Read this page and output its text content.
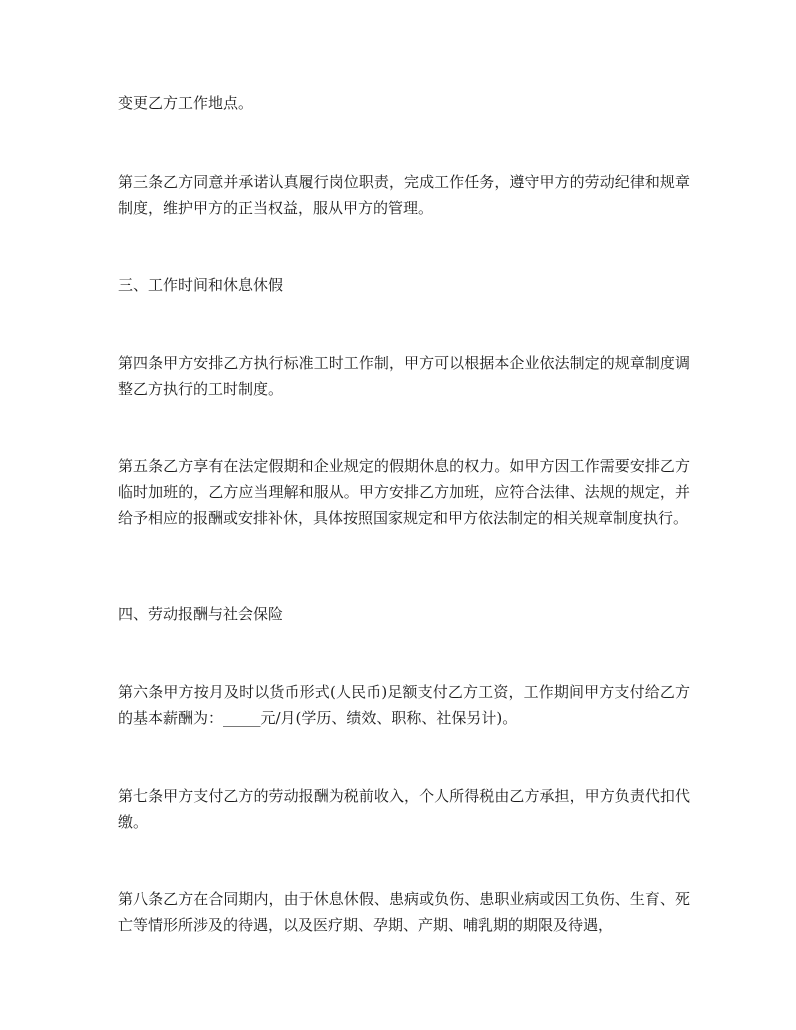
变更乙方工作地点。

第三条乙方同意并承诺认真履行岗位职责，完成工作任务，遵守甲方的劳动纪律和规章制度，维护甲方的正当权益，服从甲方的管理。

三、工作时间和休息休假

第四条甲方安排乙方执行标准工时工作制，甲方可以根据本企业依法制定的规章制度调整乙方执行的工时制度。

第五条乙方享有在法定假期和企业规定的假期休息的权力。如甲方因工作需要安排乙方临时加班的，乙方应当理解和服从。甲方安排乙方加班，应符合法律、法规的规定，并给予相应的报酬或安排补休，具体按照国家规定和甲方依法制定的相关规章制度执行。

四、劳动报酬与社会保险

第六条甲方按月及时以货币形式(人民币)足额支付乙方工资，工作期间甲方支付给乙方的基本薪酬为：_____元/月(学历、绩效、职称、社保另计)。

第七条甲方支付乙方的劳动报酬为税前收入，个人所得税由乙方承担，甲方负责代扣代缴。

第八条乙方在合同期内，由于休息休假、患病或负伤、患职业病或因工负伤、生育、死亡等情形所涉及的待遇，以及医疗期、孕期、产期、哺乳期的期限及待遇，
